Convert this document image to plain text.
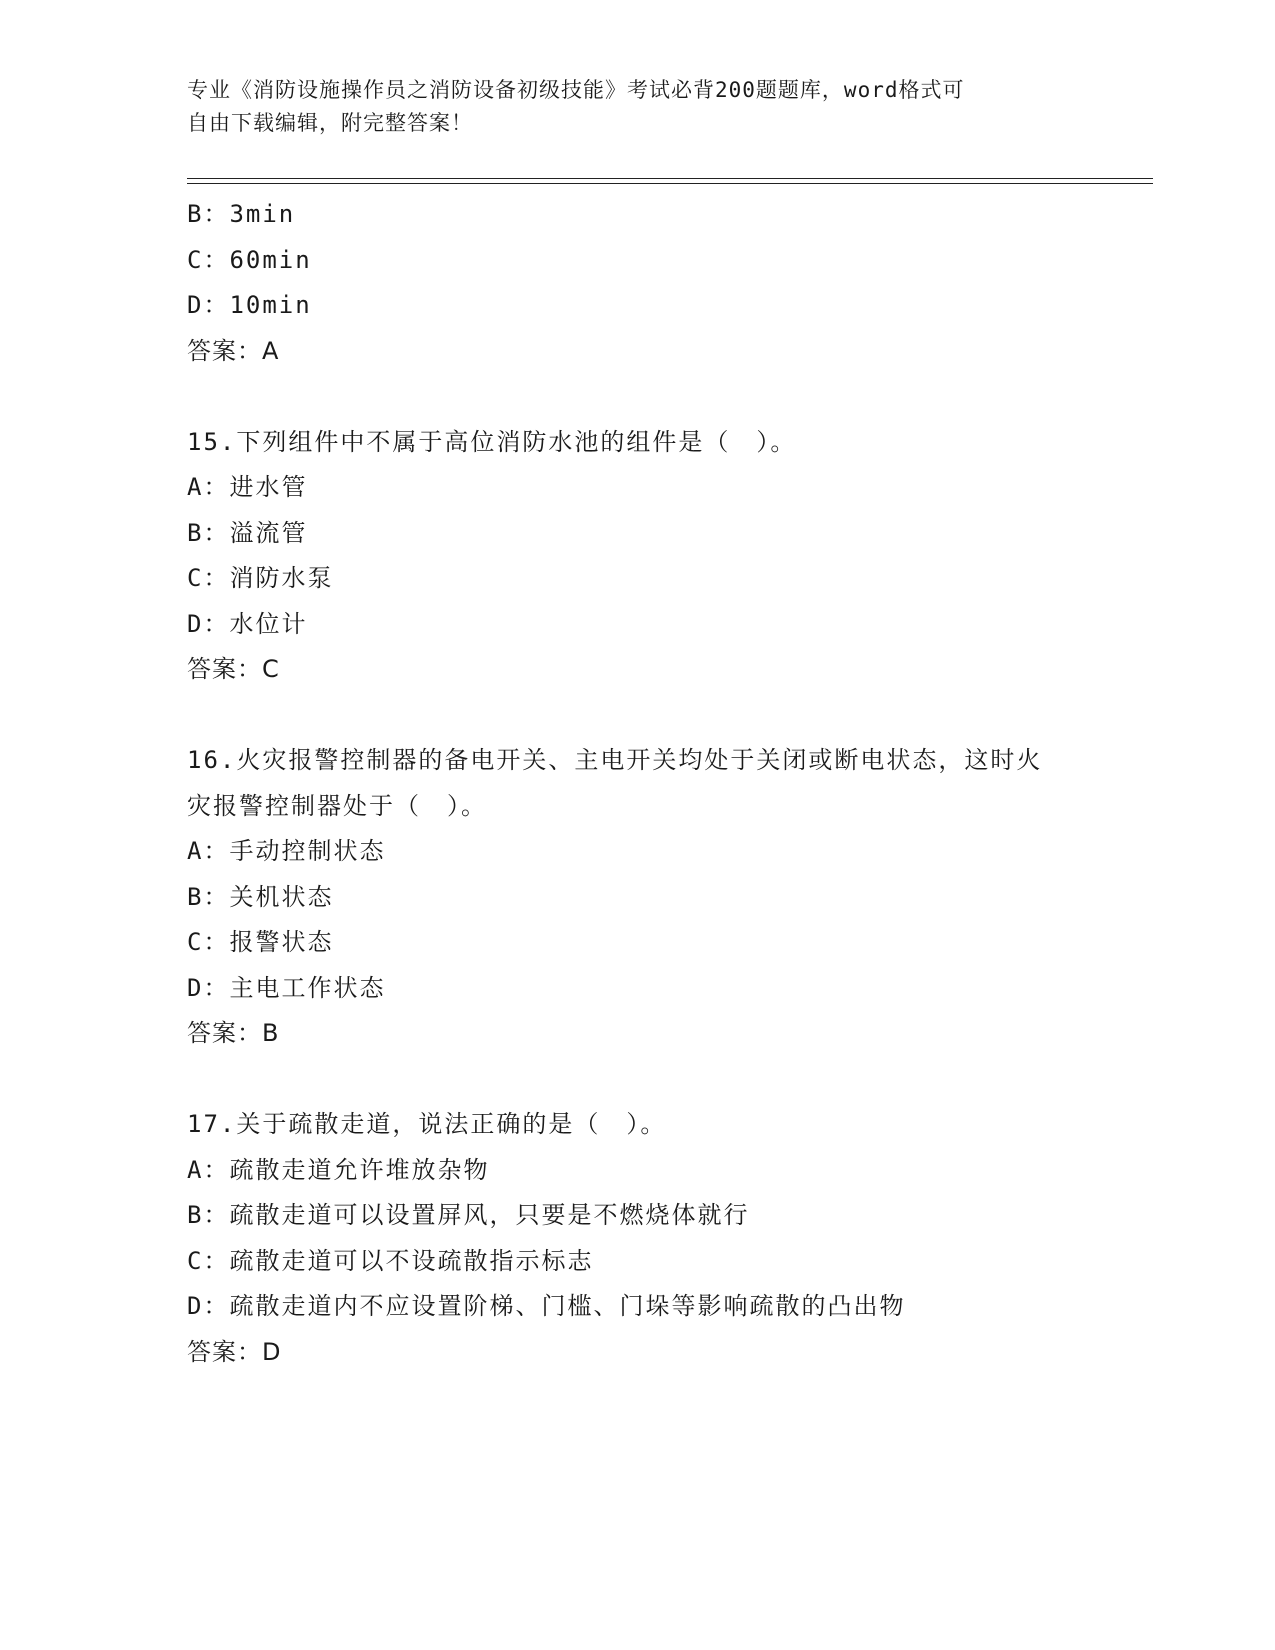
专业《消防设施操作员之消防设备初级技能》考试必背200题题库，word格式可
自由下载编辑，附完整答案！
B：3min
C：60min
D：10min
答案：A
15.下列组件中不属于高位消防水池的组件是（　）。
A：进水管
B：溢流管
C：消防水泵
D：水位计
答案：C
16.火灾报警控制器的备电开关、主电开关均处于关闭或断电状态，这时火灾报警控制器处于（　）。
A：手动控制状态
B：关机状态
C：报警状态
D：主电工作状态
答案：B
17.关于疏散走道，说法正确的是（　）。
A：疏散走道允许堆放杂物
B：疏散走道可以设置屏风，只要是不燃烧体就行
C：疏散走道可以不设疏散指示标志
D：疏散走道内不应设置阶梯、门槛、门垛等影响疏散的凸出物
答案：D
